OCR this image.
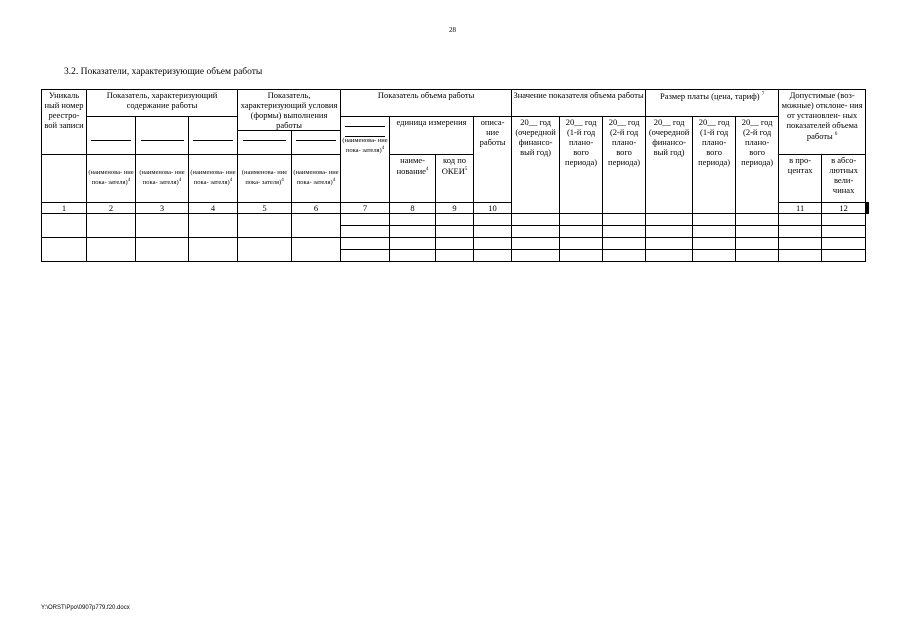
28
3.2. Показатели, характеризующие объем работы
Уникаль ный номер реестро- вой записи	Показатель, характеризующий содержание работы			Показатель, характеризующий условия (формы) выполнения работы		Показатель объема работы				Значение показателя объема работы			Размер платы (цена, тариф) $^7$			Допустимые (воз- можные) отклоне- ния от установлен- ных показателей объема работы $^6$

						(наименова- ние пока- зателя)$^4$	единица измерения		описа- ние работы	20__ год (очередной финансо- вый год)	20__ год (1-й год плано- вого периода)	20__ год (2-й год плано- вого периода)	20__ год (очередной финансо- вый год)	20__ год (1-й год плано- вого периода)	20__ год (2-й год плано- вого периода)				

	(наименова- ние пока- зателя)$^4$	(наименова- ние пока- зателя)$^4$	(наименова- ние пока- зателя)$^4$	(наименова- ние пока- зателя)$^4$	(наименова- ние пока- зателя)$^4$		наиме- нование$^4$	код по ОКЕИ$^5$								в про- центах	в абсо- лютных вели- чинах		
1	2	3	4	5	6	7	8	9	10							11	12						

Y:\ORST\Ppo\0907p779.f20.docx
